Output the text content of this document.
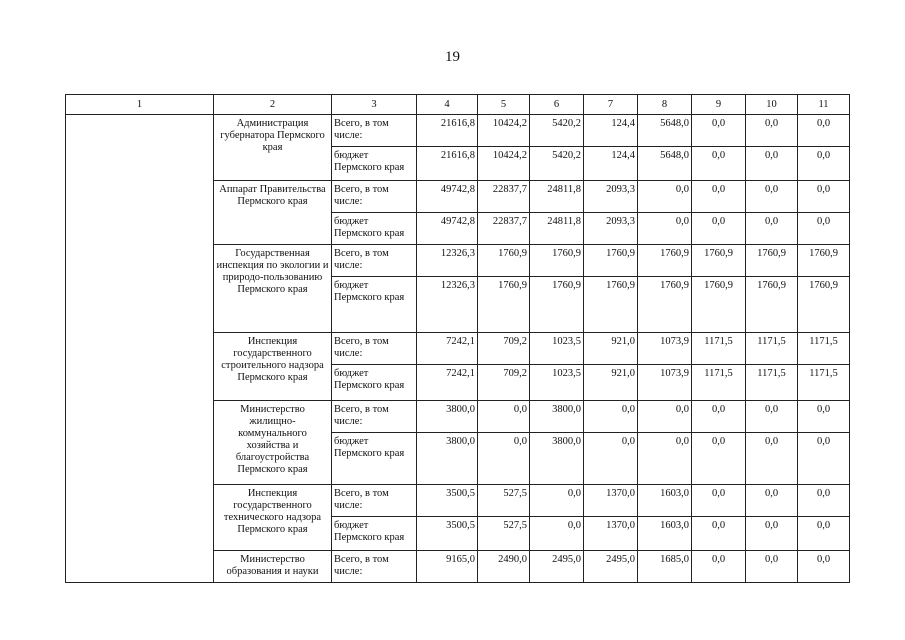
19
1	2	3	4	5	6	7	8	9	10	11
	Администрация губернатора Пермского края	Всего, в том числе:	21616,8	10424,2	5420,2	124,4	5648,0	0,0	0,0	0,0
		бюджет Пермского края	21616,8	10424,2	5420,2	124,4	5648,0	0,0	0,0	0,0
	Аппарат Правительства Пермского края	Всего, в том числе:	49742,8	22837,7	24811,8	2093,3	0,0	0,0	0,0	0,0
		бюджет Пермского края	49742,8	22837,7	24811,8	2093,3	0,0	0,0	0,0	0,0
	Государственная инспекция по экологии и природо-пользованию Пермского края	Всего, в том числе:	12326,3	1760,9	1760,9	1760,9	1760,9	1760,9	1760,9	1760,9
		бюджет Пермского края	12326,3	1760,9	1760,9	1760,9	1760,9	1760,9	1760,9	1760,9
	Инспекция государственного строительного надзора Пермского края	Всего, в том числе:	7242,1	709,2	1023,5	921,0	1073,9	1171,5	1171,5	1171,5
		бюджет Пермского края	7242,1	709,2	1023,5	921,0	1073,9	1171,5	1171,5	1171,5
	Министерство жилищно-коммунального хозяйства и благоустройства Пермского края	Всего, в том числе:	3800,0	0,0	3800,0	0,0	0,0	0,0	0,0	0,0
		бюджет Пермского края	3800,0	0,0	3800,0	0,0	0,0	0,0	0,0	0,0
	Инспекция государственного технического надзора Пермского края	Всего, в том числе:	3500,5	527,5	0,0	1370,0	1603,0	0,0	0,0	0,0
		бюджет Пермского края	3500,5	527,5	0,0	1370,0	1603,0	0,0	0,0	0,0
	Министерство образования и науки	Всего, в том числе:	9165,0	2490,0	2495,0	2495,0	1685,0	0,0	0,0	0,0
